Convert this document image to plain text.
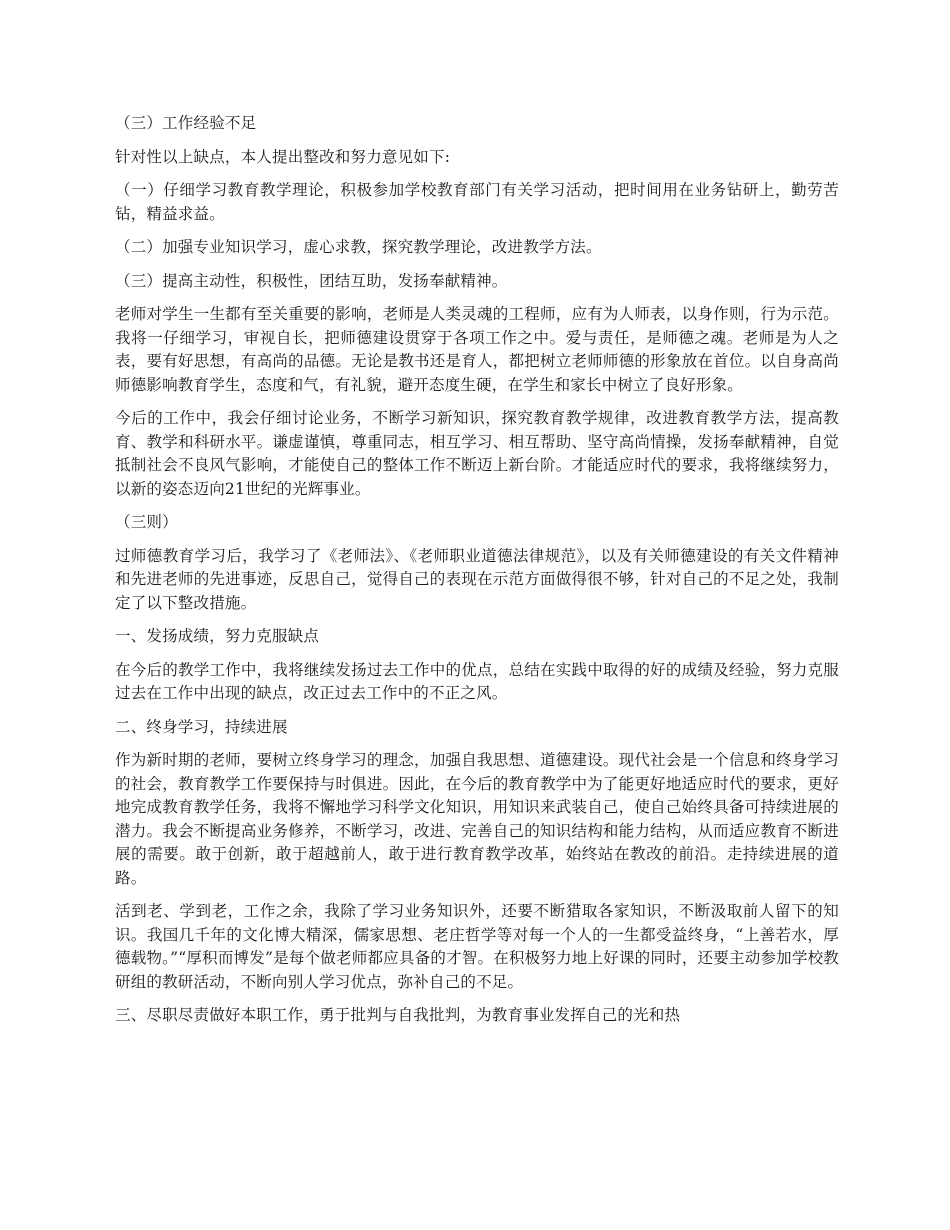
（三）工作经验不足

针对性以上缺点，本人提出整改和努力意见如下:

（一）仔细学习教育教学理论，积极参加学校教育部门有关学习活动，把时间用在业务钻研上，勤劳苦钻，精益求益。

（二）加强专业知识学习，虚心求教，探究教学理论，改进教学方法。

（三）提高主动性，积极性，团结互助，发扬奉献精神。

老师对学生一生都有至关重要的影响，老师是人类灵魂的工程师，应有为人师表，以身作则，行为示范。我将一仔细学习，审视自长，把师德建设贯穿于各项工作之中。爱与责任，是师德之魂。老师是为人之表，要有好思想，有高尚的品德。无论是教书还是育人，都把树立老师师德的形象放在首位。以自身高尚师德影响教育学生，态度和气，有礼貌，避开态度生硬，在学生和家长中树立了良好形象。

今后的工作中，我会仔细讨论业务，不断学习新知识，探究教育教学规律，改进教育教学方法，提高教育、教学和科研水平。谦虚谨慎，尊重同志，相互学习、相互帮助、坚守高尚情操，发扬奉献精神，自觉抵制社会不良风气影响，才能使自己的整体工作不断迈上新台阶。才能适应时代的要求，我将继续努力，以新的姿态迈向21世纪的光辉事业。

（三则）

过师德教育学习后，我学习了《老师法》、《老师职业道德法律规范》，以及有关师德建设的有关文件精神和先进老师的先进事迹，反思自己，觉得自己的表现在示范方面做得很不够，针对自己的不足之处，我制定了以下整改措施。

一、发扬成绩，努力克服缺点

在今后的教学工作中，我将继续发扬过去工作中的优点，总结在实践中取得的好的成绩及经验，努力克服过去在工作中出现的缺点，改正过去工作中的不正之风。

二、终身学习，持续进展

作为新时期的老师，要树立终身学习的理念，加强自我思想、道德建设。现代社会是一个信息和终身学习的社会，教育教学工作要保持与时俱进。因此，在今后的教育教学中为了能更好地适应时代的要求，更好地完成教育教学任务，我将不懈地学习科学文化知识，用知识来武装自己，使自己始终具备可持续进展的潜力。我会不断提高业务修养，不断学习，改进、完善自己的知识结构和能力结构，从而适应教育不断进展的需要。敢于创新，敢于超越前人，敢于进行教育教学改革，始终站在教改的前沿。走持续进展的道路。

活到老、学到老，工作之余，我除了学习业务知识外，还要不断猎取各家知识，不断汲取前人留下的知识。我国几千年的文化博大精深，儒家思想、老庄哲学等对每一个人的一生都受益终身，“上善若水，厚德载物。”“厚积而博发”是每个做老师都应具备的才智。在积极努力地上好课的同时，还要主动参加学校教研组的教研活动，不断向别人学习优点，弥补自己的不足。

三、尽职尽责做好本职工作，勇于批判与自我批判，为教育事业发挥自己的光和热
